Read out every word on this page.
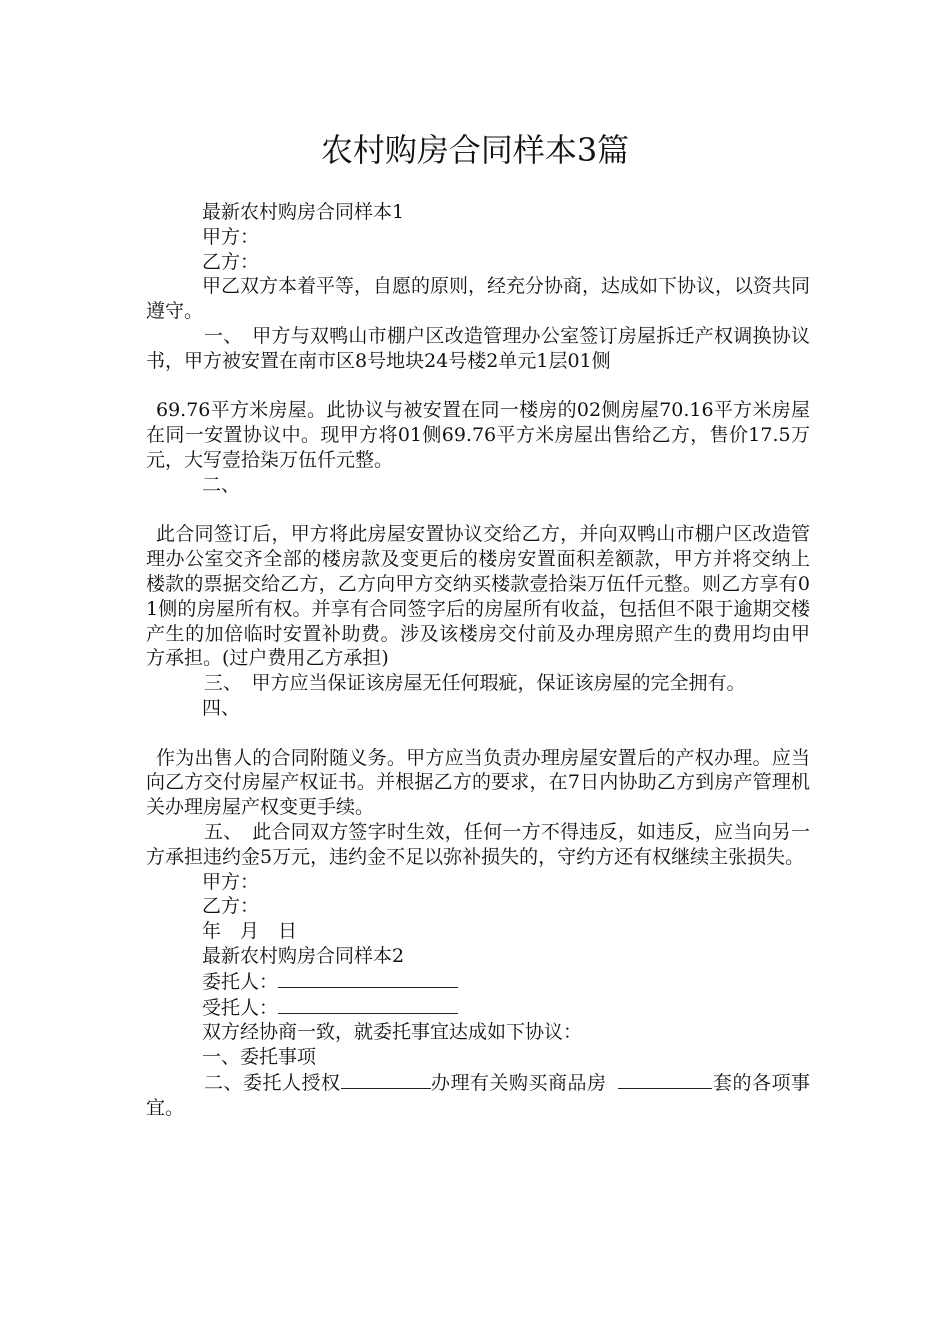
农村购房合同样本3篇

最新农村购房合同样本1

甲方：

乙方：

甲乙双方本着平等，自愿的原则，经充分协商，达成如下协议，以资共同遵守。

一、　甲方与双鸭山市棚户区改造管理办公室签订房屋拆迁产权调换协议书，甲方被安置在南市区8号地块24号楼2单元1层01侧

69.76平方米房屋。此协议与被安置在同一楼房的02侧房屋70.16平方米房屋在同一安置协议中。现甲方将01侧69.76平方米房屋出售给乙方，售价17.5万元，大写壹拾柒万伍仟元整。

二、

此合同签订后，甲方将此房屋安置协议交给乙方，并向双鸭山市棚户区改造管理办公室交齐全部的楼房款及变更后的楼房安置面积差额款，甲方并将交纳上楼款的票据交给乙方，乙方向甲方交纳买楼款壹拾柒万伍仟元整。则乙方享有01侧的房屋所有权。并享有合同签字后的房屋所有收益，包括但不限于逾期交楼产生的加倍临时安置补助费。涉及该楼房交付前及办理房照产生的费用均由甲方承担。(过户费用乙方承担)

三、　甲方应当保证该房屋无任何瑕疵，保证该房屋的完全拥有。

四、

作为出售人的合同附随义务。甲方应当负责办理房屋安置后的产权办理。应当向乙方交付房屋产权证书。并根据乙方的要求，在7日内协助乙方到房产管理机关办理房屋产权变更手续。

五、　此合同双方签字时生效，任何一方不得违反，如违反，应当向另一方承担违约金5万元，违约金不足以弥补损失的，守约方还有权继续主张损失。

甲方：

乙方：

年　月　日

最新农村购房合同样本2

委托人：

受托人：

双方经协商一致，就委托事宜达成如下协议：

一、委托事项

二、委托人授权	办理有关购买商品房	套的各项事宜。
